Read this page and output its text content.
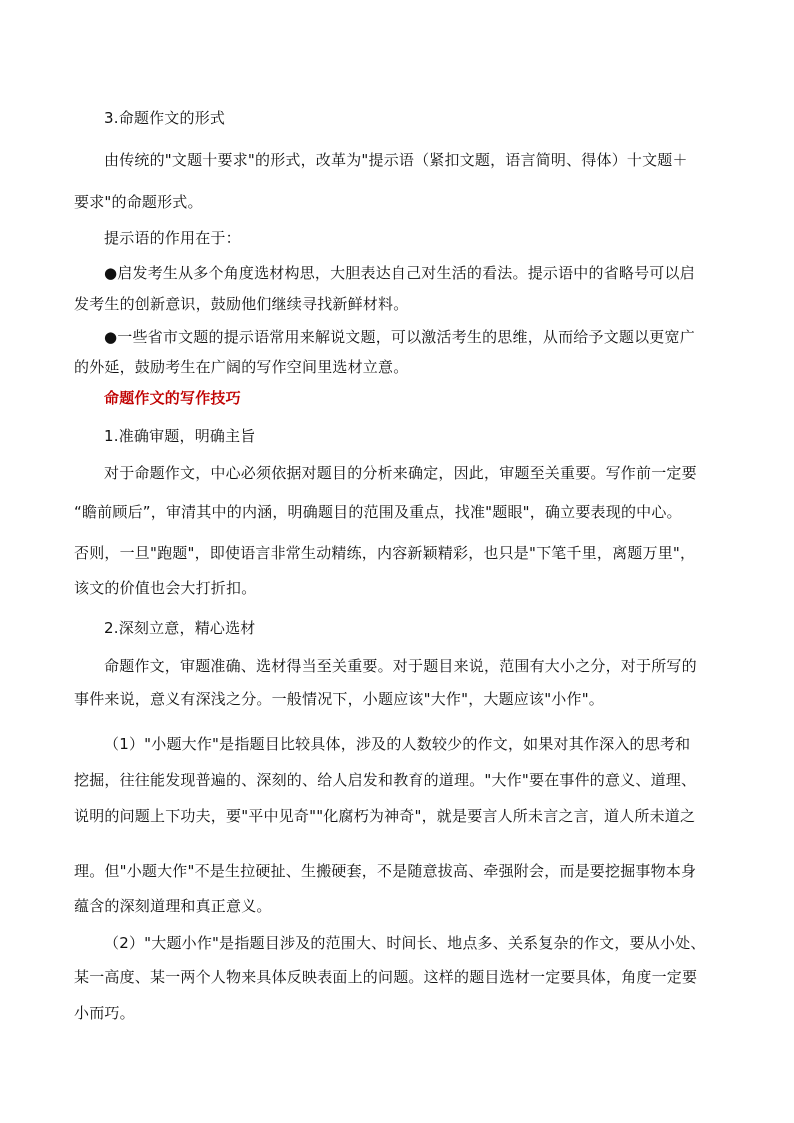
3.命题作文的形式
由传统的"文题十要求"的形式，改革为"提示语（紧扣文题，语言简明、得体）十文题＋
要求"的命题形式。
提示语的作用在于：
●启发考生从多个角度选材构思，大胆表达自己对生活的看法。提示语中的省略号可以启
发考生的创新意识，鼓励他们继续寻找新鲜材料。
●一些省市文题的提示语常用来解说文题，可以激活考生的思维，从而给予文题以更宽广
的外延，鼓励考生在广阔的写作空间里选材立意。
命题作文的写作技巧
1.准确审题，明确主旨
对于命题作文，中心必须依据对题目的分析来确定，因此，审题至关重要。写作前一定要
“瞻前顾后”，审清其中的内涵，明确题目的范围及重点，找准"题眼"，确立要表现的中心。
否则，一旦"跑题"，即使语言非常生动精练，内容新颖精彩，也只是"下笔千里，离题万里"，
该文的价值也会大打折扣。
2.深刻立意，精心选材
命题作文，审题准确、选材得当至关重要。对于题目来说，范围有大小之分，对于所写的
事件来说，意义有深浅之分。一般情况下，小题应该"大作"，大题应该"小作"。
（1）"小题大作"是指题目比较具体，涉及的人数较少的作文，如果对其作深入的思考和
挖掘，往往能发现普遍的、深刻的、给人启发和教育的道理。"大作"要在事件的意义、道理、
说明的问题上下功夫，要"平中见奇""化腐朽为神奇"，就是要言人所未言之言，道人所未道之
理。但"小题大作"不是生拉硬扯、生搬硬套，不是随意拔高、牵强附会，而是要挖掘事物本身
蕴含的深刻道理和真正意义。
（2）"大题小作"是指题目涉及的范围大、时间长、地点多、关系复杂的作文，要从小处、
某一高度、某一两个人物来具体反映表面上的问题。这样的题目选材一定要具体，角度一定要
小而巧。
